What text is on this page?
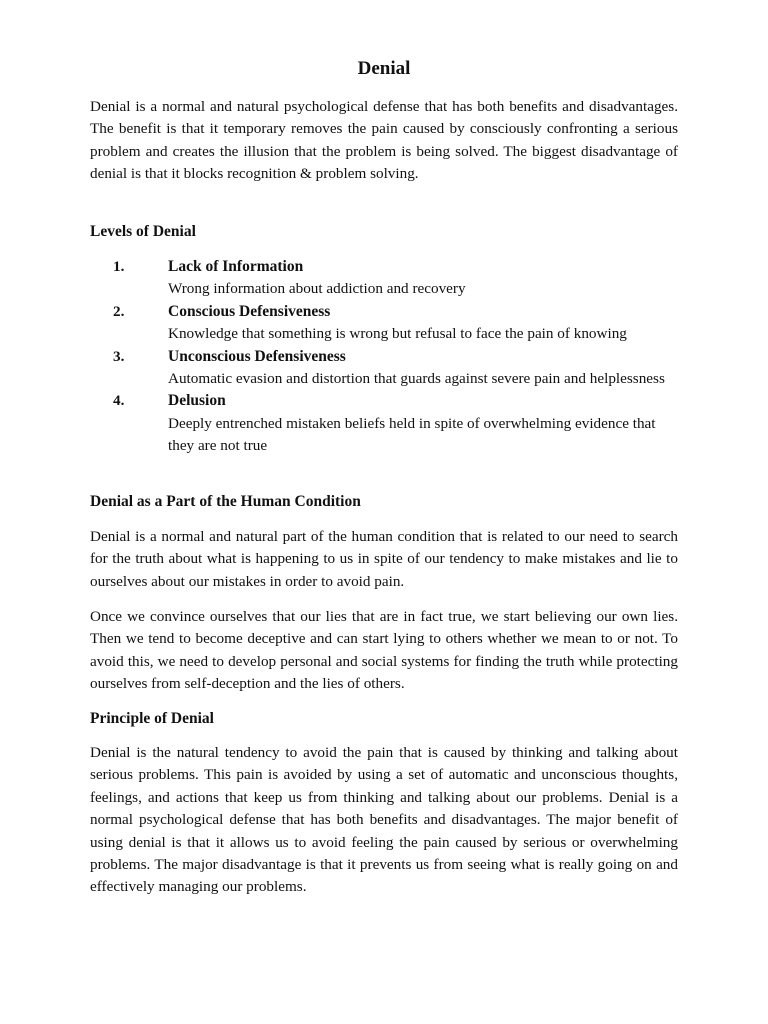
Denial

Denial is a normal and natural psychological defense that has both benefits and disadvantages. The benefit is that it temporary removes the pain caused by consciously confronting a serious problem and creates the illusion that the problem is being solved. The biggest disadvantage of denial is that it blocks recognition & problem solving.

Levels of Denial
1.	Lack of Information

Wrong information about addiction and recovery

2.	Conscious Defensiveness

Knowledge that something is wrong but refusal to face the pain of knowing

3.	Unconscious Defensiveness

Automatic evasion and distortion that guards against severe pain and helplessness

4.	Delusion

Deeply entrenched mistaken beliefs held in spite of overwhelming evidence that they are not true

Denial as a Part of the Human Condition

Denial is a normal and natural part of the human condition that is related to our need to search for the truth about what is happening to us in spite of our tendency to make mistakes and lie to ourselves about our mistakes in order to avoid pain.

Once we convince ourselves that our lies that are in fact true, we start believing our own lies. Then we tend to become deceptive and can start lying to others whether we mean to or not. To avoid this, we need to develop personal and social systems for finding the truth while protecting ourselves from self-deception and the lies of others.

Principle of Denial

Denial is the natural tendency to avoid the pain that is caused by thinking and talking about serious problems. This pain is avoided by using a set of automatic and unconscious thoughts, feelings, and actions that keep us from thinking and talking about our problems. Denial is a normal psychological defense that has both benefits and disadvantages. The major benefit of using denial is that it allows us to avoid feeling the pain caused by serious or overwhelming problems. The major disadvantage is that it prevents us from seeing what is really going on and effectively managing our problems.
